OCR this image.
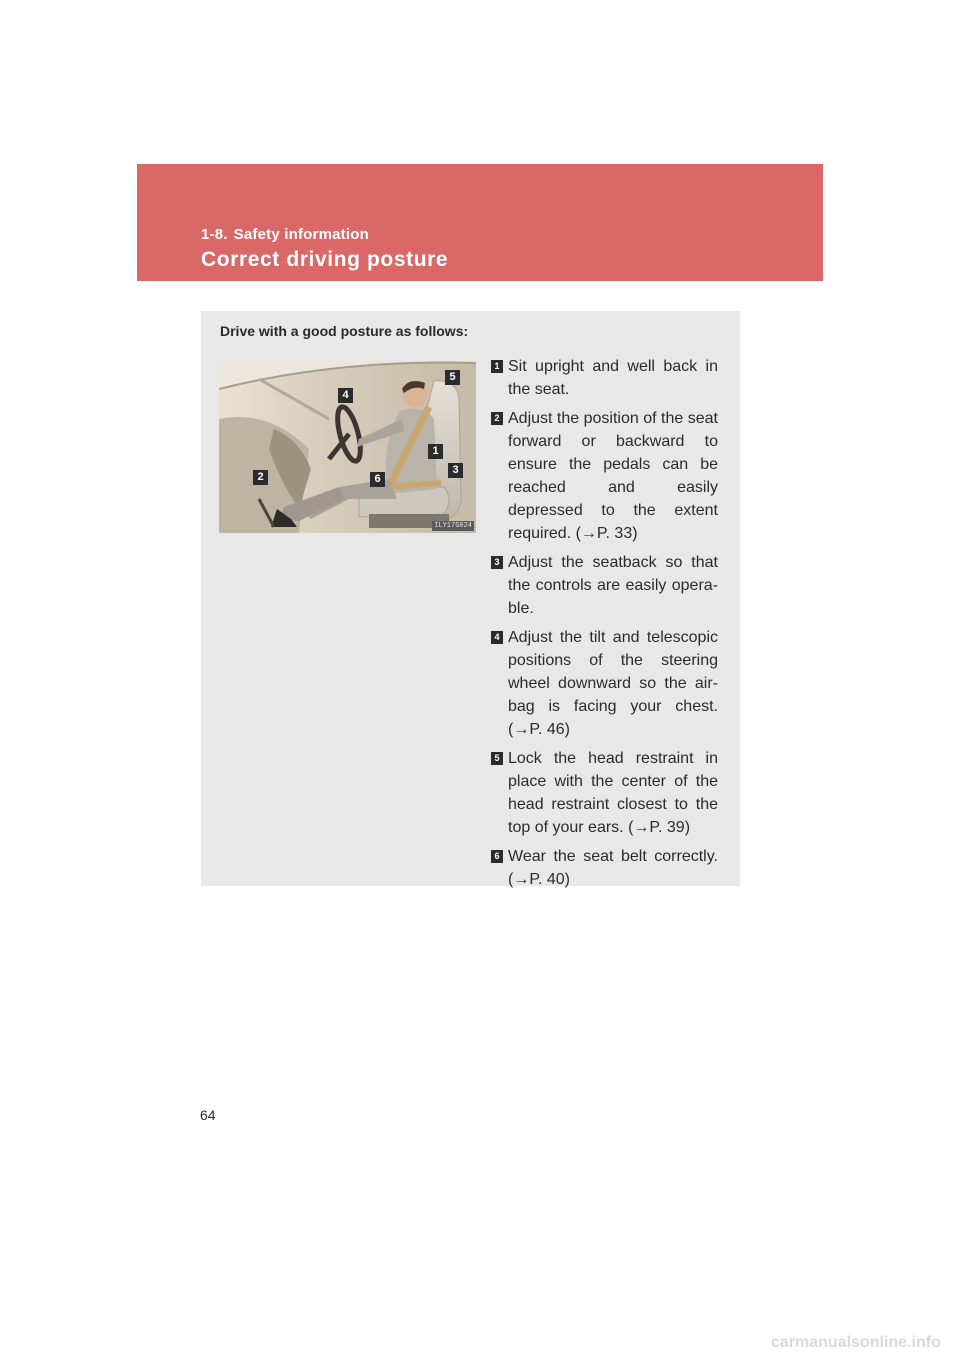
1-8. Safety information
Correct driving posture
Drive with a good posture as follows:
4
5
1
3
2	6
ILY17G024
1 Sit upright and well back in the seat.
2 Adjust the position of the seat forward or backward to ensure the pedals can be reached and easily depressed to the extent required. (→P. 33)
3 Adjust the seatback so that the controls are easily opera-ble.
4 Adjust the tilt and telescopic positions of the steering wheel downward so the air-bag is facing your chest. (→P. 46)
5 Lock the head restraint in place with the center of the head restraint closest to the top of your ears. (→P. 39)
6 Wear the seat belt correctly. (→P. 40)
64
carmanualsonline.info
